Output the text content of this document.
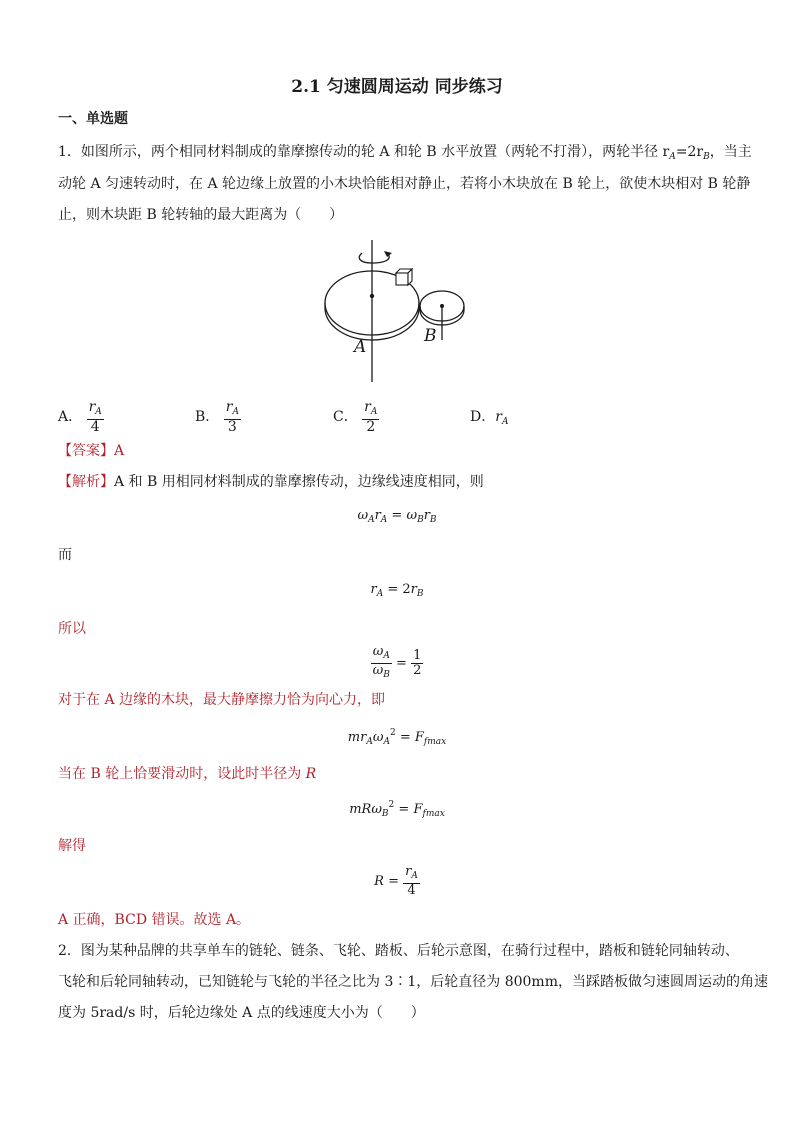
2.1 匀速圆周运动 同步练习
一、单选题
1．如图所示，两个相同材料制成的靠摩擦传动的轮 A 和轮 B 水平放置（两轮不打滑），两轮半径 $r_A=2r_B$，当主
动轮 A 匀速转动时，在 A 轮边缘上放置的小木块恰能相对静止，若将小木块放在 B 轮上，欲使木块相对 B 轮静
止，则木块距 B 轮转轴的最大距离为（　　）
A
B
A． $\frac{r_A}{4}$	B． $\frac{r_A}{3}$	C． $\frac{r_A}{2}$	D．$r_A$
【答案】A
【解析】A 和 B 用相同材料制成的靠摩擦传动，边缘线速度相同，则
$\omega_Ar_A = \omega_Br_B$
而
$r_A = 2r_B$
所以
$\frac{\omega_A}{\omega_B} = \frac{1}{2}$
对于在 A 边缘的木块，最大静摩擦力恰为向心力，即
$mr_A\omega_A^2 = F_{fmax}$
当在 B 轮上恰要滑动时，设此时半径为 R
$mR\omega_B^2 = F_{fmax}$
解得
$R = \frac{r_A}{4}$
A 正确，BCD 错误。故选 A。
2．图为某种品牌的共享单车的链轮、链条、飞轮、踏板、后轮示意图，在骑行过程中，踏板和链轮同轴转动、
飞轮和后轮同轴转动，已知链轮与飞轮的半径之比为 3∶1，后轮直径为 800mm，当踩踏板做匀速圆周运动的角速
度为 5rad/s 时，后轮边缘处 A 点的线速度大小为（　　）
